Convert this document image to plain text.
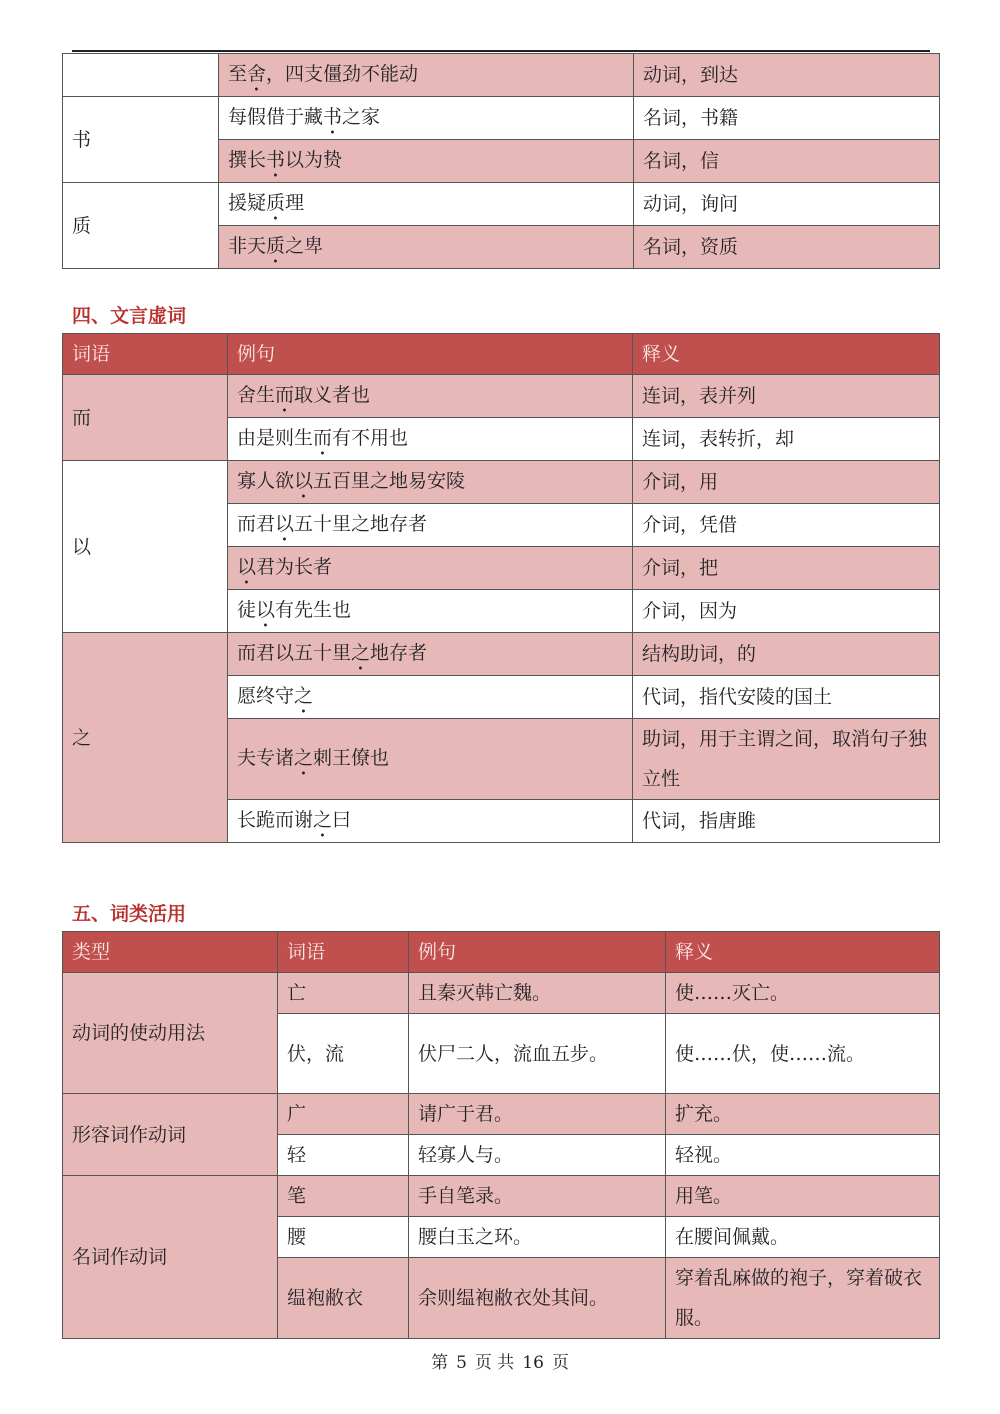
	至舍，四支僵劲不能动	动词，到达
书	每假借于藏书之家	名词，书籍
	撰长书以为贽	名词，信
质	援疑质理	动词，询问
	非天质之卑	名词，资质
四、文言虚词
词语	例句	释义
而	舍生而取义者也	连词，表并列
	由是则生而有不用也	连词，表转折，却
以	寡人欲以五百里之地易安陵	介词，用
	而君以五十里之地存者	介词，凭借
	以君为长者	介词，把
	徒以有先生也	介词，因为
之	而君以五十里之地存者	结构助词，的
	愿终守之	代词，指代安陵的国土
	夫专诸之刺王僚也	助词，用于主谓之间，取消句子独立性
	长跪而谢之曰	代词，指唐雎
五、词类活用
类型	词语	例句	释义
动词的使动用法	亡	且秦灭韩亡魏。	使……灭亡。
	伏，流	伏尸二人，流血五步。	使……伏，使……流。
形容词作动词	广	请广于君。	扩充。
	轻	轻寡人与。	轻视。
名词作动词	笔	手自笔录。	用笔。
	腰	腰白玉之环。	在腰间佩戴。
	缊袍敝衣	余则缊袍敝衣处其间。	穿着乱麻做的袍子，穿着破衣服。
第 5 页 共 16 页
